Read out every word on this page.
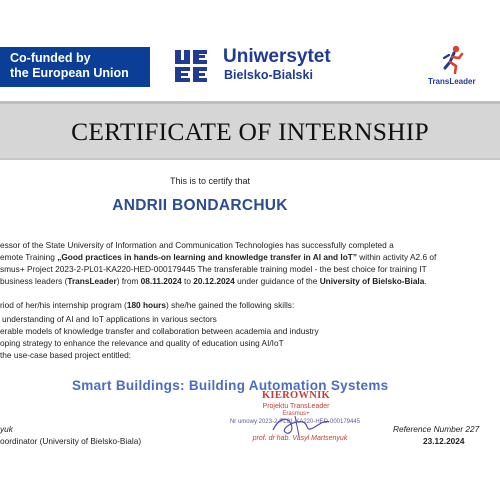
Co-funded by
the European Union
Uniwersytet
Bielsko-Bialski	TransLeader
CERTIFICATE OF INTERNSHIP
This is to certify that
ANDRII BONDARCHUK
essor of the State University of Information and Communication Technologies has successfully completed a
emote Training „Good practices in hands-on learning and knowledge transfer in AI and IoT” within activity A2.6 of
smus+ Project 2023-2-PL01-KA220-HED-000179445 The transferable training model - the best choice for training IT
business leaders (TransLeader) from 08.11.2024 to 20.12.2024 under guidance of the University of Bielsko-Biala.
riod of her/his internship program (180 hours) she/he gained the following skills:
understanding of AI and IoT applications in various sectors
erable models of knowledge transfer and collaboration between academia and industry
oping strategy to enhance the relevance and quality of education using AI/IoT
the use-case based project entitled:
Smart Buildings: Building Automation Systems
KIEROWNIK
Projektu TransLeader
Erasmus+
Nr umowy 2023-2-PL01-KA220-HED-000179445
prof. dr hab. Vasyl Martsenyuk
yuk
oordinator (University of Bielsko-Biala)
Reference Number 227
23.12.2024
